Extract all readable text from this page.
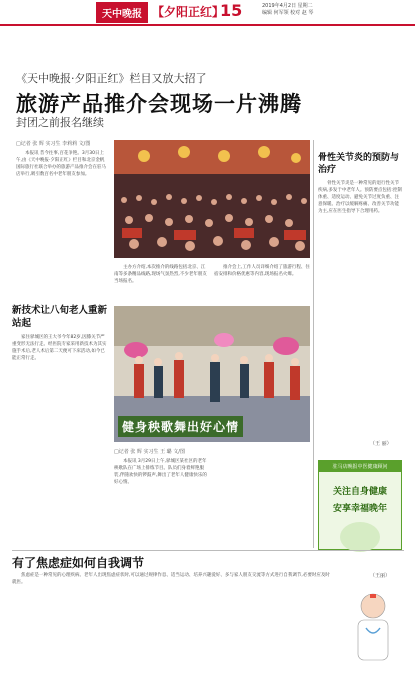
天中晚报 【夕阳正红】
15	2019年4月2日 星期二
编辑 何军领 校对 赵 琴
《天中晚报·夕阳正红》栏目又放大招了
旅游产品推介会现场一片沸腾
封团之前报名继续
□记者 张 辉 实习生 李莉莉 文/图
本报讯 昔今往事,百花争艳。3月30日上午,由《天中晚报·夕阳正红》栏目和北京金帆国际旅行社联合举办的旅游产品推介会在驻马店举行,吸引数百名中老年朋友参加。
主办方介绍,本次推介的线路包括北京、江南等多条精品线路,现场气氛热烈,不少老年朋友当场报名。
推介会上,工作人员详细介绍了旅游行程、住宿安排和价格优惠等内容,现场报名火爆。
骨性关节炎的预防与治疗
骨性关节炎是一种常见的退行性关节疾病,多发于中老年人。预防要点包括:控制体重、适度运动、避免关节过度负重、注意保暖。治疗以缓解疼痛、改善关节功能为主,应在医生指导下合理用药。
（王 丽）
驻马店晚报中医健康顾问
关注自身健康
安享幸福晚年
新技术让八旬老人重新站起
家住驿城区的王大爷今年82岁,因膝关节严重变形无法行走。经医院专家采用新技术为其实施手术后,老人术后第二天便可下床活动,如今已能正常行走。
健身秧歌舞出好心情
□记者 张 辉 实习生 王 璐 文/图
本报讯 3月29日上午,驿城区某社区的老年秧歌队在广场上排练节目。队员们身着鲜艳服装,伴随欢快的锣鼓声,舞出了老年人健康快乐的好心情。
有了焦虑症如何自我调节
焦虑症是一种常见的心理疾病。老年人出现焦虑症状时,可以通过规律作息、适当运动、培养兴趣爱好、多与家人朋友交流等方式进行自我调节,必要时应及时就医。
（王丽）
